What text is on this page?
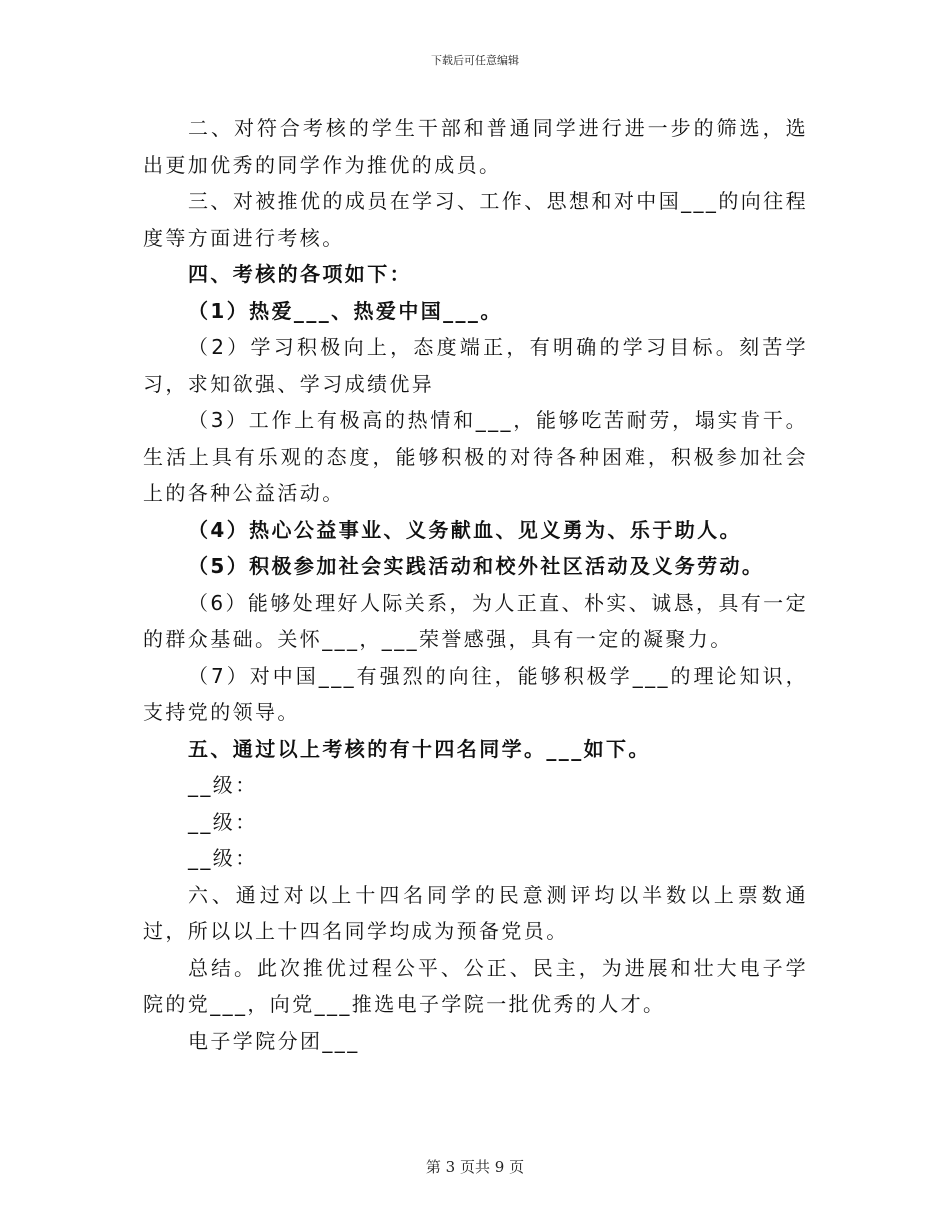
下载后可任意编辑

二、对符合考核的学生干部和普通同学进行进一步的筛选，选出更加优秀的同学作为推优的成员。

三、对被推优的成员在学习、工作、思想和对中国___的向往程度等方面进行考核。

四、考核的各项如下：

（1）热爱___、热爱中国___。

（2）学习积极向上，态度端正，有明确的学习目标。刻苦学习，求知欲强、学习成绩优异

（3）工作上有极高的热情和___，能够吃苦耐劳，塌实肯干。生活上具有乐观的态度，能够积极的对待各种困难，积极参加社会上的各种公益活动。

（4）热心公益事业、义务献血、见义勇为、乐于助人。

（5）积极参加社会实践活动和校外社区活动及义务劳动。

（6）能够处理好人际关系，为人正直、朴实、诚恳，具有一定的群众基础。关怀___，___荣誉感强，具有一定的凝聚力。

（7）对中国___有强烈的向往，能够积极学___的理论知识，支持党的领导。

五、通过以上考核的有十四名同学。___如下。

__级：

__级：

__级：

六、通过对以上十四名同学的民意测评均以半数以上票数通过，所以以上十四名同学均成为预备党员。

总结。此次推优过程公平、公正、民主，为进展和壮大电子学院的党___，向党___推选电子学院一批优秀的人才。

电子学院分团___

第 3 页共 9 页
